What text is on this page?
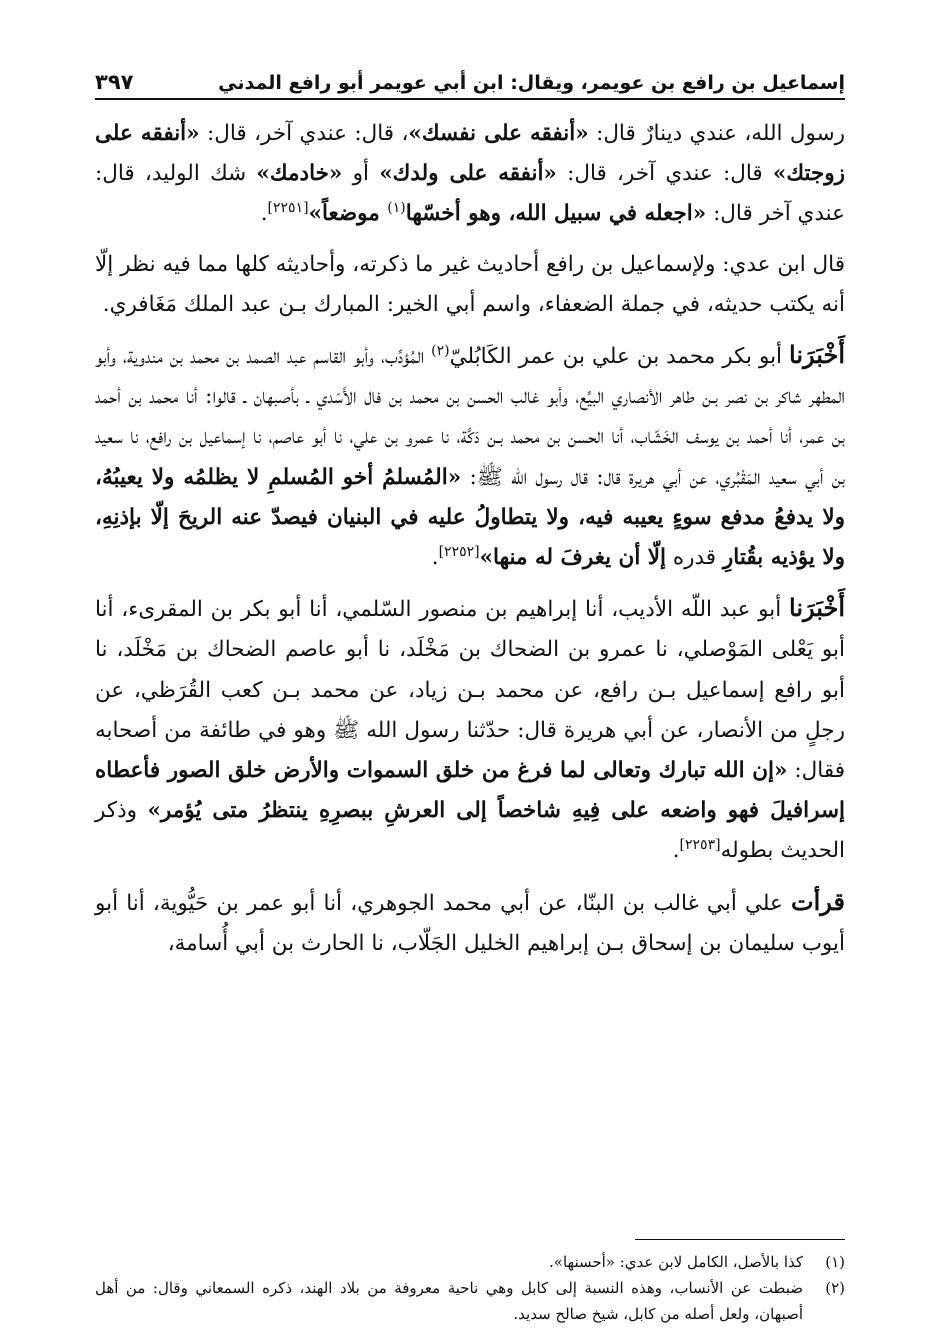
إسماعيل بن رافع بن عويمر، ويقال: ابن أبي عويمر أبو رافع المدني
٣٩٧

رسول الله، عندي دينارٌ قال: «أنفقه على نفسك»، قال: عندي آخر، قال: «أنفقه على زوجتك» قال: عندي آخر، قال: «أنفقه على ولدك» أو «خادمك» شك الوليد، قال: عندي آخر قال: «اجعله في سبيل الله، وهو أخسّها$^{(١)}$ موضعاً»[٢٢٥١].

قال ابن عدي: ولإسماعيل بن رافع أحاديث غير ما ذكرته، وأحاديثه كلها مما فيه نظر إلّا أنه يكتب حديثه، في جملة الضعفاء، واسم أبي الخير: المبارك بـن عبد الملك مَغَافري.

أَخْبَرَنا أبو بكر محمد بن علي بن عمر الكَابُليّ$^{(٢)}$ المُؤدِّب، وأبو القاسم عبد الصمد بن محمد بن مندوية، وأبو المطهر شاكر بن نصر بـن طاهر الأنصاري البيِّع، وأبو غالب الحسن بن محمد بن فال الأَسَدي ـ بأصبهان ـ قالوا: أنا محمد بن أحمد بن عمر، أنا أحمد بن يوسف الخَشّاب، أنا الحسن بن محمد بـن دَكَّة، نا عمرو بن علي، نا أبو عاصم، نا إسماعيل بن رافع، نا سعيد بن أبي سعيد المَقْبُري، عن أبي هريرة قال: قال رسول الله ﷺ: «المُسلمُ أخو المُسلمِ لا يظلمُه ولا يعيبُهُ، ولا يدفعُ مدفع سوءٍ يعيبه فيه، ولا يتطاولُ عليه في البنيان فيصدّ عنه الريحَ إلّا بإذنِهِ، ولا يؤذيه بقُتارِ قدره إلّا أن يغرفَ له منها»[٢٢٥٢].

أَخْبَرَنا أبو عبد اللّه الأديب، أنا إبراهيم بن منصور السّلمي، أنا أبو بكر بن المقرىء، أنا أبو يَعْلى المَوْصلي، نا عمرو بن الضحاك بن مَخْلَد، نا أبو عاصم الضحاك بن مَخْلَد، نا أبو رافع إسماعيل بـن رافع، عن محمد بـن زياد، عن محمد بـن كعب القُرَظي، عن رجلٍ من الأنصار، عن أبي هريرة قال: حدّثنا رسول الله ﷺ وهو في طائفة من أصحابه فقال: «إن الله تبارك وتعالى لما فرغ من خلق السموات والأرض خلق الصور فأعطاه إسرافيلَ فهو واضعه على فِيهِ شاخصاً إلى العرشِ ببصرِهِ ينتظرُ متى يُؤمر» وذكر الحديث بطوله[٢٢٥٣].

قرأت علي أبي غالب بن البنّا، عن أبي محمد الجوهري، أنا أبو عمر بن حَيُّوية، أنا أبو أيوب سليمان بن إسحاق بـن إبراهيم الخليل الجَلّاب، نا الحارث بن أبي أُسامة،

(١)
كذا بالأصل، الكامل لابن عدي: «أحسنها».
(٢)
ضبطت عن الأنساب، وهذه النسبة إلى كابل وهي ناحية معروفة من بلاد الهند، ذكره السمعاني وقال: من أهل أصبهان، ولعل أصله من كابل، شيخ صالح سديد.
